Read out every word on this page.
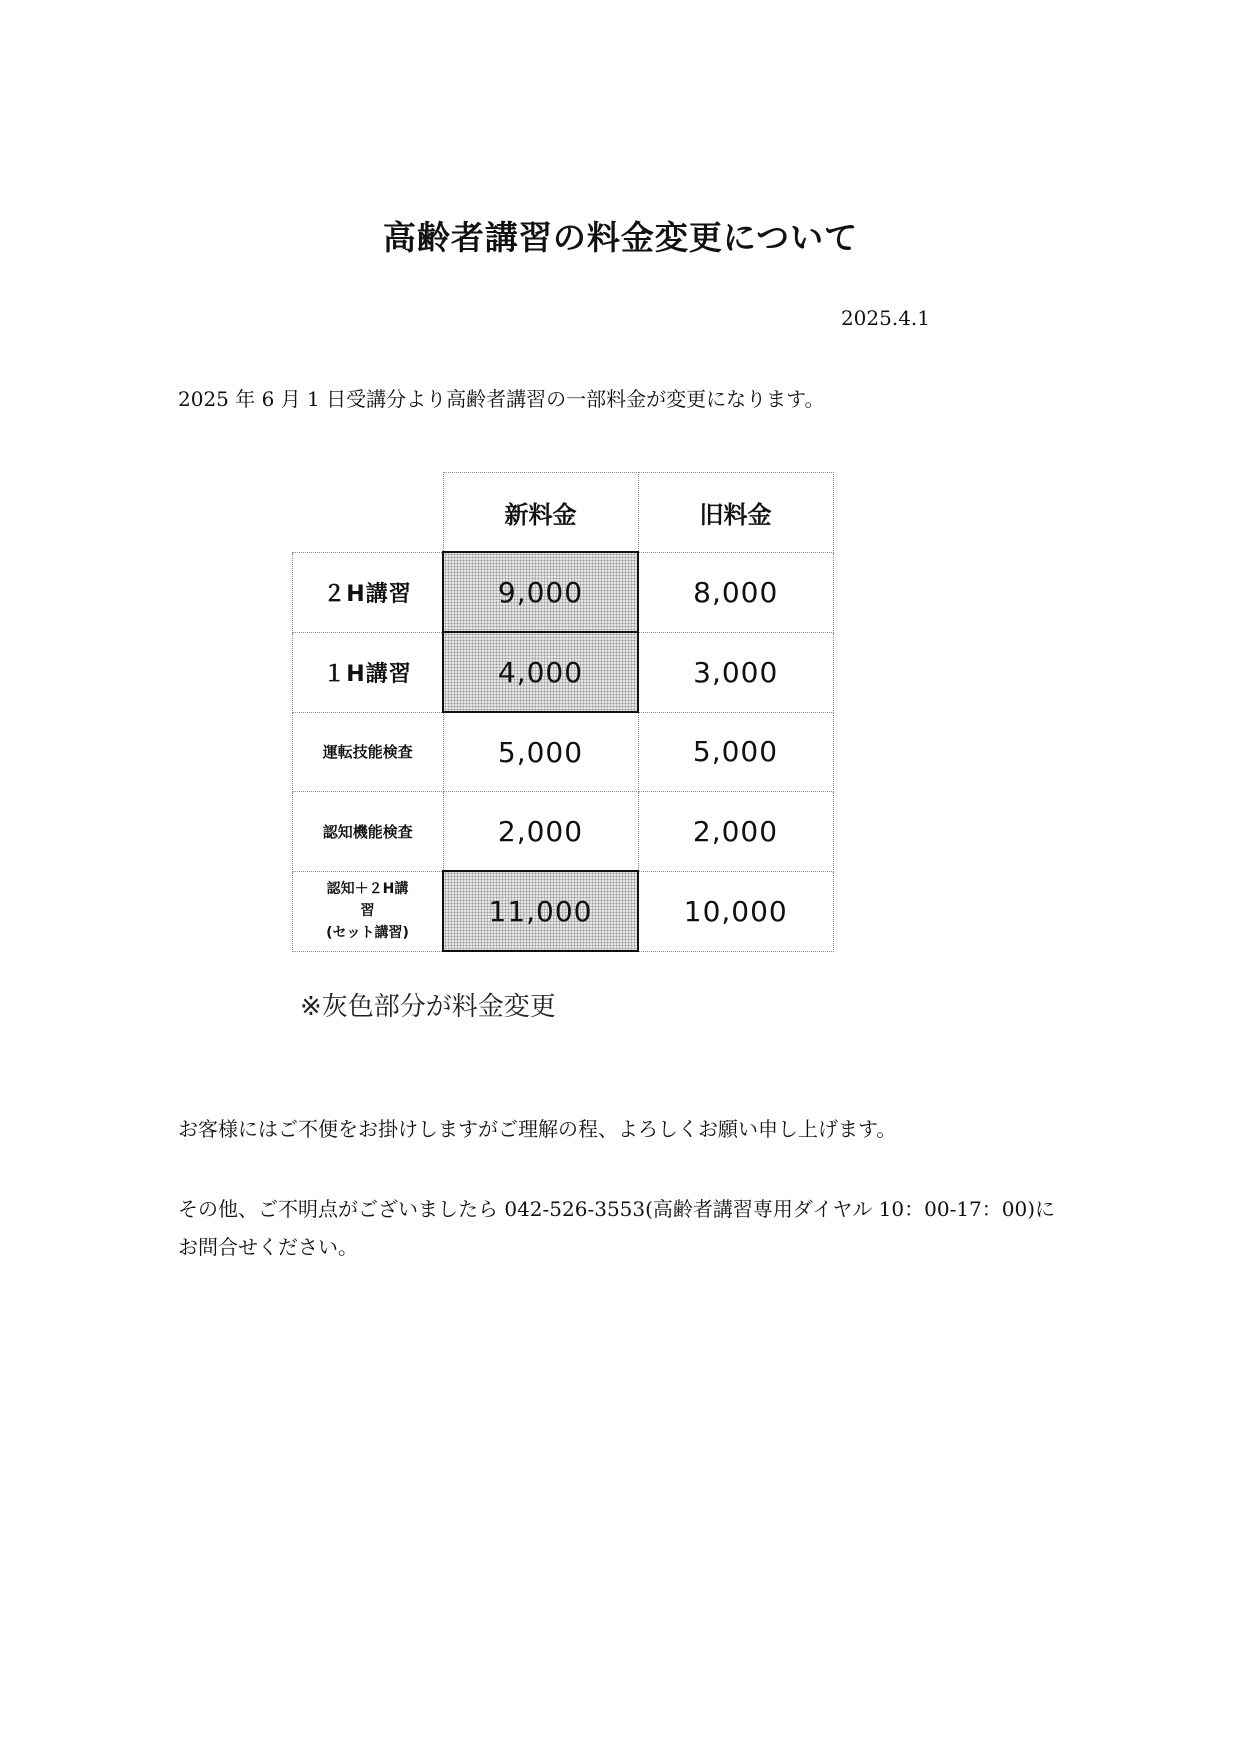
高齢者講習の料金変更について
2025.4.1
2025 年 6 月 1 日受講分より高齢者講習の一部料金が変更になります。
	新料金	旧料金
２H講習	9,000	8,000
１H講習	4,000	3,000
運転技能検査	5,000	5,000
認知機能検査	2,000	2,000

認知＋２H講
習
(セット講習)	11,000	10,000
※灰色部分が料金変更
お客様にはご不便をお掛けしますがご理解の程、よろしくお願い申し上げます。
その他、ご不明点がございましたら 042-526-3553(高齢者講習専用ダイヤル 10：00-17：00)にお問合せください。
